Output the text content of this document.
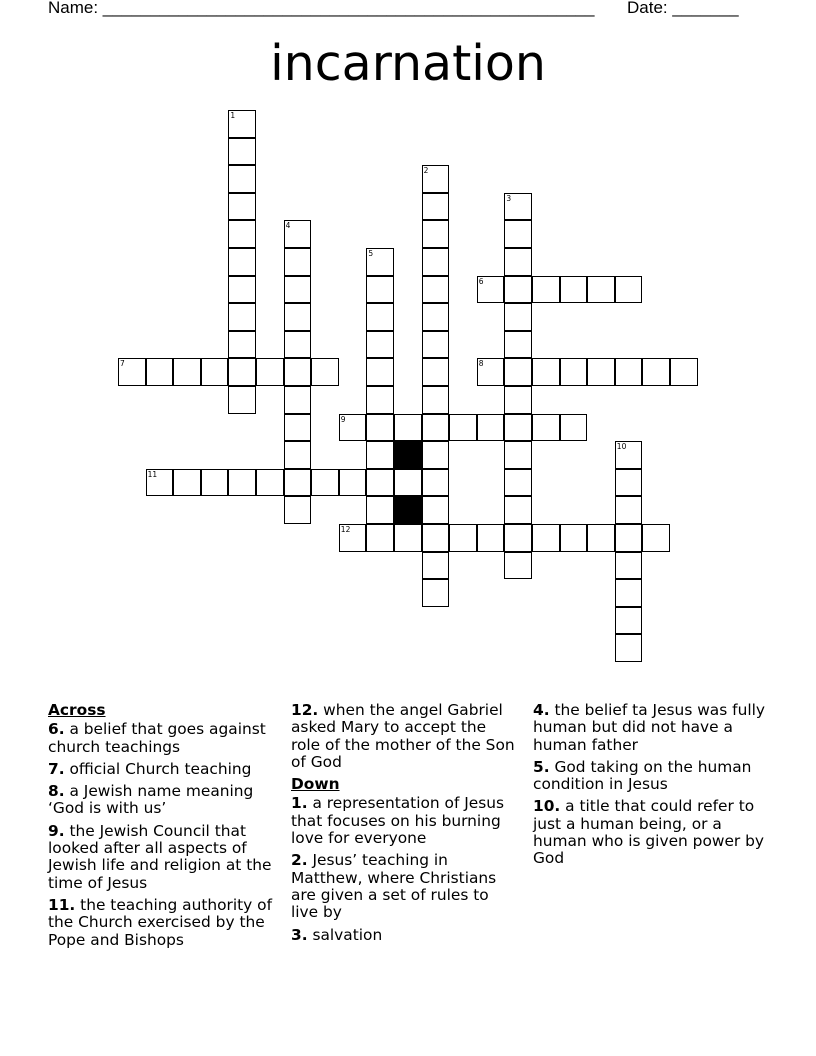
Name: ____________________________________________________ Date: _______
incarnation
1
2
3
4
5
6
7	8
9
10
11
12
Across
6. a belief that goes against church teachings
7. official Church teaching
8. a Jewish name meaning ‘God is with us’
9. the Jewish Council that looked after all aspects of Jewish life and religion at the time of Jesus
11. the teaching authority of the Church exercised by the Pope and Bishops
12. when the angel Gabriel asked Mary to accept the role of the mother of the Son of God
Down
1. a representation of Jesus that focuses on his burning love for everyone
2. Jesus’ teaching in Matthew, where Christians are given a set of rules to live by
3. salvation
4. the belief ta Jesus was fully human but did not have a human father
5. God taking on the human condition in Jesus
10. a title that could refer to just a human being, or a human who is given power by God
